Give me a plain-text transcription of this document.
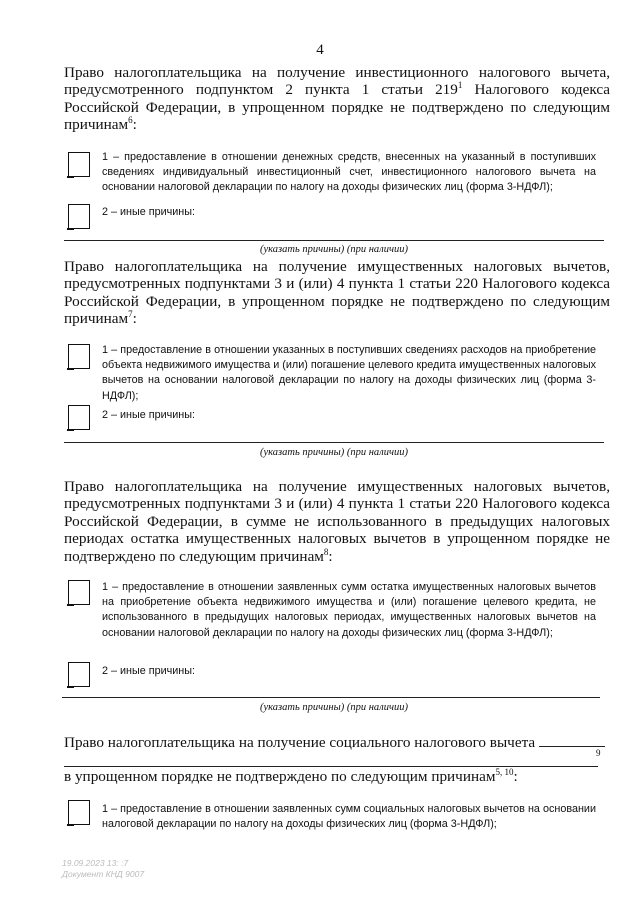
4
Право налогоплательщика на получение инвестиционного налогового вычета, предусмотренного подпунктом 2 пункта 1 статьи $219^1$ Налогового кодекса Российской Федерации, в упрощенном порядке не подтверждено по следующим причинам$^6$:
1 – предоставление в отношении денежных средств, внесенных на указанный в поступивших сведениях индивидуальный инвестиционный счет, инвестиционного налогового вычета на основании налоговой декларации по налогу на доходы физических лиц (форма 3-НДФЛ);
2 – иные причины:
(указать причины) (при наличии)
Право налогоплательщика на получение имущественных налоговых вычетов, предусмотренных подпунктами 3 и (или) 4 пункта 1 статьи 220 Налогового кодекса Российской Федерации, в упрощенном порядке не подтверждено по следующим причинам$^7$:
1 – предоставление в отношении указанных в поступивших сведениях расходов на приобретение объекта недвижимого имущества и (или) погашение целевого кредита имущественных налоговых вычетов на основании налоговой декларации по налогу на доходы физических лиц (форма 3-НДФЛ);
2 – иные причины:
(указать причины) (при наличии)
Право налогоплательщика на получение имущественных налоговых вычетов, предусмотренных подпунктами 3 и (или) 4 пункта 1 статьи 220 Налогового кодекса Российской Федерации, в сумме не использованного в предыдущих налоговых периодах остатка имущественных налоговых вычетов в упрощенном порядке не подтверждено по следующим причинам$^8$:
1 – предоставление в отношении заявленных сумм остатка имущественных налоговых вычетов на приобретение объекта недвижимого имущества и (или) погашение целевого кредита, не использованного в предыдущих налоговых периодах, имущественных налоговых вычетов на основании налоговой декларации по налогу на доходы физических лиц (форма 3-НДФЛ);
2 – иные причины:
(указать причины) (при наличии)
Право налогоплательщика на получение социального налогового вычета
9
в упрощенном порядке не подтверждено по следующим причинам$^{5, 10}$:
1 – предоставление в отношении заявленных сумм социальных налоговых вычетов на основании налоговой декларации по налогу на доходы физических лиц (форма 3-НДФЛ);
19.09.2023 13: :7
Документ КНД 9007
